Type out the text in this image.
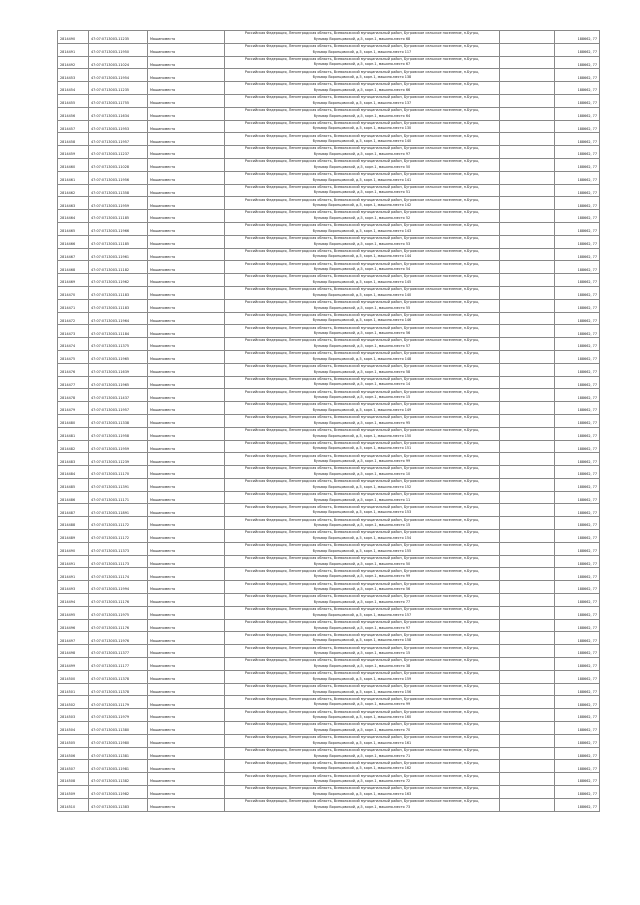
2814490	47:07:0713003-11235	Машиноместо	Российская Федерация, Ленинградская область, Всеволожский муниципальный район, Бугровское сельское поселение, п.Бугры,
бульвар Воронцовский, д.5, корп.1, машино-место 68		188662, 77
2814491	47:07:0713003-11950	Машиноместо	Российская Федерация, Ленинградская область, Всеволожский муниципальный район, Бугровское сельское поселение, п.Бугры,
бульвар Воронцовский, д.5, корп.1, машино-место 117		188662, 77
2814492	47:07:0713003-11024	Машиноместо	Российская Федерация, Ленинградская область, Всеволожский муниципальный район, Бугровское сельское поселение, п.Бугры,
бульвар Воронцовский, д.5, корп.1, машино-место 67		188662, 77
2814453	47:07:0713003-11954	Машиноместо	Российская Федерация, Ленинградская область, Всеволожский муниципальный район, Бугровское сельское поселение, п.Бугры,
бульвар Воронцовский, д.5, корп.1, машино-место 138		188662, 77
2814454	47:07:0713003-11235	Машиноместо	Российская Федерация, Ленинградская область, Всеволожский муниципальный район, Бугровское сельское поселение, п.Бугры,
бульвар Воронцовский, д.5, корп.1, машино-место 66		188662, 77
2814455	47:07:0713003-11755	Машиноместо	Российская Федерация, Ленинградская область, Всеволожский муниципальный район, Бугровское сельское поселение, п.Бугры,
бульвар Воронцовский, д.5, корп.1, машино-место 137		188662, 77
2814456	47:07:0713003-11634	Машиноместо	Российская Федерация, Ленинградская область, Всеволожский муниципальный район, Бугровское сельское поселение, п.Бугры,
бульвар Воронцовский, д.5, корп.1, машино-место 64		188662, 77
2814457	47:07:0713003-11953	Машиноместо	Российская Федерация, Ленинградская область, Всеволожский муниципальный район, Бугровское сельское поселение, п.Бугры,
бульвар Воронцовский, д.5, корп.1, машино-место 130		188662, 77
2814458	47:07:0713003-11957	Машиноместо	Российская Федерация, Ленинградская область, Всеволожский муниципальный район, Бугровское сельское поселение, п.Бугры,
бульвар Воронцовский, д.5, корп.1, машино-место 140		188662, 77
2814459	47:07:0713003-11237	Машиноместо	Российская Федерация, Ленинградская область, Всеволожский муниципальный район, Бугровское сельское поселение, п.Бугры,
бульвар Воронцовский, д.5, корп.1, машино-место 97		188662, 77
2814460	47:07:0713003-11028	Машиноместо	Российская Федерация, Ленинградская область, Всеволожский муниципальный район, Бугровское сельское поселение, п.Бугры,
бульвар Воронцовский, д.5, корп.1, машино-место 50		188662, 77
2814461	47:07:0713003-11956	Машиноместо	Российская Федерация, Ленинградская область, Всеволожский муниципальный район, Бугровское сельское поселение, п.Бугры,
бульвар Воронцовский, д.5, корп.1, машино-место 141		188662, 77
2814462	47:07:0713003-11358	Машиноместо	Российская Федерация, Ленинградская область, Всеволожский муниципальный район, Бугровское сельское поселение, п.Бугры,
бульвар Воронцовский, д.5, корп.1, машино-место 51		188662, 77
2814463	47:07:0713003-11959	Машиноместо	Российская Федерация, Ленинградская область, Всеволожский муниципальный район, Бугровское сельское поселение, п.Бугры,
бульвар Воронцовский, д.5, корп.1, машино-место 142		188662, 77
2814464	47:07:0713003-11185	Машиноместо	Российская Федерация, Ленинградская область, Всеволожский муниципальный район, Бугровское сельское поселение, п.Бугры,
бульвар Воронцовский, д.5, корп.1, машино-место 52		188662, 77
2814465	47:07:0713003-11966	Машиноместо	Российская Федерация, Ленинградская область, Всеволожский муниципальный район, Бугровское сельское поселение, п.Бугры,
бульвар Воронцовский, д.5, корп.1, машино-место 143		188662, 77
2814466	47:07:0713003-11185	Машиноместо	Российская Федерация, Ленинградская область, Всеволожский муниципальный район, Бугровское сельское поселение, п.Бугры,
бульвар Воронцовский, д.5, корп.1, машино-место 53		188662, 77
2814467	47:07:0713003-11961	Машиноместо	Российская Федерация, Ленинградская область, Всеволожский муниципальный район, Бугровское сельское поселение, п.Бугры,
бульвар Воронцовский, д.5, корп.1, машино-место 144		188662, 77
2814468	47:07:0713003-11182	Машиноместо	Российская Федерация, Ленинградская область, Всеволожский муниципальный район, Бугровское сельское поселение, п.Бугры,
бульвар Воронцовский, д.5, корп.1, машино-место 54		188662, 77
2814469	47:07:0713003-11962	Машиноместо	Российская Федерация, Ленинградская область, Всеволожский муниципальный район, Бугровское сельское поселение, п.Бугры,
бульвар Воронцовский, д.5, корп.1, машино-место 145		188662, 77
2814470	47:07:0713003-11183	Машиноместо	Российская Федерация, Ленинградская область, Всеволожский муниципальный район, Бугровское сельское поселение, п.Бугры,
бульвар Воронцовский, д.5, корп.1, машино-место 140		188662, 77
2814471	47:07:0713003-11183	Машиноместо	Российская Федерация, Ленинградская область, Всеволожский муниципальный район, Бугровское сельское поселение, п.Бугры,
бульвар Воронцовский, д.5, корп.1, машино-место 55		188662, 77
2814472	47:07:0713003-11964	Машиноместо	Российская Федерация, Ленинградская область, Всеволожский муниципальный район, Бугровское сельское поселение, п.Бугры,
бульвар Воронцовский, д.5, корп.1, машино-место 146		188662, 77
2814473	47:07:0713003-11184	Машиноместо	Российская Федерация, Ленинградская область, Всеволожский муниципальный район, Бугровское сельское поселение, п.Бугры,
бульвар Воронцовский, д.5, корп.1, машино-место 56		188662, 77
2814474	47:07:0713003-11375	Машиноместо	Российская Федерация, Ленинградская область, Всеволожский муниципальный район, Бугровское сельское поселение, п.Бугры,
бульвар Воронцовский, д.5, корп.1, машино-место 57		188662, 77
2814475	47:07:0713003-11965	Машиноместо	Российская Федерация, Ленинградская область, Всеволожский муниципальный район, Бугровское сельское поселение, п.Бугры,
бульвар Воронцовский, д.5, корп.1, машино-место 148		188662, 77
2814476	47:07:0713003-11639	Машиноместо	Российская Федерация, Ленинградская область, Всеволожский муниципальный район, Бугровское сельское поселение, п.Бугры,
бульвар Воронцовский, д.5, корп.1, машино-место 58		188662, 77
2814477	47:07:0713003-11965	Машиноместо	Российская Федерация, Ленинградская область, Всеволожский муниципальный район, Бугровское сельское поселение, п.Бугры,
бульвар Воронцовский, д.5, корп.1, машино-место 14		188662, 77
2814478	47:07:0713003-11437	Машиноместо	Российская Федерация, Ленинградская область, Всеволожский муниципальный район, Бугровское сельское поселение, п.Бугры,
бульвар Воронцовский, д.5, корп.1, машино-место 15		188662, 77
2814479	47:07:0713003-11957	Машиноместо	Российская Федерация, Ленинградская область, Всеволожский муниципальный район, Бугровское сельское поселение, п.Бугры,
бульвар Воронцовский, д.5, корп.1, машино-место 149		188662, 77
2814480	47:07:0713003-11338	Машиноместо	Российская Федерация, Ленинградская область, Всеволожский муниципальный район, Бугровское сельское поселение, п.Бугры,
бульвар Воронцовский, д.5, корп.1, машино-место 95		188662, 77
2814481	47:07:0713003-11958	Машиноместо	Российская Федерация, Ленинградская область, Всеволожский муниципальный район, Бугровское сельское поселение, п.Бугры,
бульвар Воронцовский, д.5, корп.1, машино-место 150		188662, 77
2814482	47:07:0713003-11959	Машиноместо	Российская Федерация, Ленинградская область, Всеволожский муниципальный район, Бугровское сельское поселение, п.Бугры,
бульвар Воронцовский, д.5, корп.1, машино-место 151		188662, 77
2814483	47:07:0713003-11239	Машиноместо	Российская Федерация, Ленинградская область, Всеволожский муниципальный район, Бугровское сельское поселение, п.Бугры,
бульвар Воронцовский, д.5, корп.1, машино-место 99		188662, 77
2814484	47:07:0713003-11170	Машиноместо	Российская Федерация, Ленинградская область, Всеволожский муниципальный район, Бугровское сельское поселение, п.Бугры,
бульвар Воронцовский, д.5, корп.1, машино-место 10		188662, 77
2814485	47:07:0713003-11391	Машиноместо	Российская Федерация, Ленинградская область, Всеволожский муниципальный район, Бугровское сельское поселение, п.Бугры,
бульвар Воронцовский, д.5, корп.1, машино-место 152		188662, 77
2814486	47:07:0713003-11171	Машиноместо	Российская Федерация, Ленинградская область, Всеволожский муниципальный район, Бугровское сельское поселение, п.Бугры,
бульвар Воронцовский, д.5, корп.1, машино-место 11		188662, 77
2814487	47:07:0713003-11891	Машиноместо	Российская Федерация, Ленинградская область, Всеволожский муниципальный район, Бугровское сельское поселение, п.Бугры,
бульвар Воронцовский, д.5, корп.1, машино-место 153		188662, 77
2814488	47:07:0713003-11172	Машиноместо	Российская Федерация, Ленинградская область, Всеволожский муниципальный район, Бугровское сельское поселение, п.Бугры,
бульвар Воронцовский, д.5, корп.1, машино-место 15		188662, 77
2814489	47:07:0713003-11172	Машиноместо	Российская Федерация, Ленинградская область, Всеволожский муниципальный район, Бугровское сельское поселение, п.Бугры,
бульвар Воронцовский, д.5, корп.1, машино-место 154		188662, 77
2814490	47:07:0713003-11373	Машиноместо	Российская Федерация, Ленинградская область, Всеволожский муниципальный район, Бугровское сельское поселение, п.Бугры,
бульвар Воронцовский, д.5, корп.1, машино-место 155		188662, 77
2814491	47:07:0713003-11173	Машиноместо	Российская Федерация, Ленинградская область, Всеволожский муниципальный район, Бугровское сельское поселение, п.Бугры,
бульвар Воронцовский, д.5, корп.1, машино-место 50		188662, 77
2814491	47:07:0713003-11174	Машиноместо	Российская Федерация, Ленинградская область, Всеволожский муниципальный район, Бугровское сельское поселение, п.Бугры,
бульвар Воронцовский, д.5, корп.1, машино-место 99		188662, 77
2814493	47:07:0713003-11994	Машиноместо	Российская Федерация, Ленинградская область, Всеволожский муниципальный район, Бугровское сельское поселение, п.Бугры,
бульвар Воронцовский, д.5, корп.1, машино-место 56		188662, 77
2814494	47:07:0713003-11176	Машиноместо	Российская Федерация, Ленинградская область, Всеволожский муниципальный район, Бугровское сельское поселение, п.Бугры,
бульвар Воронцовский, д.5, корп.1, машино-место 77		188662, 77
2814495	47:07:0713003-11975	Машиноместо	Российская Федерация, Ленинградская область, Всеволожский муниципальный район, Бугровское сельское поселение, п.Бугры,
бульвар Воронцовский, д.5, корп.1, машино-место 157		188662, 77
2814496	47:07:0713003-11176	Машиноместо	Российская Федерация, Ленинградская область, Всеволожский муниципальный район, Бугровское сельское поселение, п.Бугры,
бульвар Воронцовский, д.5, корп.1, машино-место 97		188662, 77
2814497	47:07:0713003-11976	Машиноместо	Российская Федерация, Ленинградская область, Всеволожский муниципальный район, Бугровское сельское поселение, п.Бугры,
бульвар Воронцовский, д.5, корп.1, машино-место 158		188662, 77
2814498	47:07:0713003-11377	Машиноместо	Российская Федерация, Ленинградская область, Всеволожский муниципальный район, Бугровское сельское поселение, п.Бугры,
бульвар Воронцовский, д.5, корп.1, машино-место 15		188662, 77
2814499	47:07:0713003-11177	Машиноместо	Российская Федерация, Ленинградская область, Всеволожский муниципальный район, Бугровское сельское поселение, п.Бугры,
бульвар Воронцовский, д.5, корп.1, машино-место 38		188662, 77
2814500	47:07:0713003-11378	Машиноместо	Российская Федерация, Ленинградская область, Всеволожский муниципальный район, Бугровское сельское поселение, п.Бугры,
бульвар Воронцовский, д.5, корп.1, машино-место 159		188662, 77
2814501	47:07:0713003-11378	Машиноместо	Российская Федерация, Ленинградская область, Всеволожский муниципальный район, Бугровское сельское поселение, п.Бугры,
бульвар Воронцовский, д.5, корп.1, машино-место 156		188662, 77
2814502	47:07:0713003-11179	Машиноместо	Российская Федерация, Ленинградская область, Всеволожский муниципальный район, Бугровское сельское поселение, п.Бугры,
бульвар Воронцовский, д.5, корп.1, машино-место 99		188662, 77
2814503	47:07:0713003-11979	Машиноместо	Российская Федерация, Ленинградская область, Всеволожский муниципальный район, Бугровское сельское поселение, п.Бугры,
бульвар Воронцовский, д.5, корп.1, машино-место 160		188662, 77
2814504	47:07:0713003-11380	Машиноместо	Российская Федерация, Ленинградская область, Всеволожский муниципальный район, Бугровское сельское поселение, п.Бугры,
бульвар Воронцовский, д.5, корп.1, машино-место 70		188662, 77
2814505	47:07:0713003-11980	Машиноместо	Российская Федерация, Ленинградская область, Всеволожский муниципальный район, Бугровское сельское поселение, п.Бугры,
бульвар Воронцовский, д.5, корп.1, машино-место 161		188662, 77
2814506	47:07:0713003-11381	Машиноместо	Российская Федерация, Ленинградская область, Всеволожский муниципальный район, Бугровское сельское поселение, п.Бугры,
бульвар Воронцовский, д.5, корп.1, машино-место 71		188662, 77
2814507	47:07:0713003-11981	Машиноместо	Российская Федерация, Ленинградская область, Всеволожский муниципальный район, Бугровское сельское поселение, п.Бугры,
бульвар Воронцовский, д.5, корп.1, машино-место 162		188662, 77
2814508	47:07:0713003-11382	Машиноместо	Российская Федерация, Ленинградская область, Всеволожский муниципальный район, Бугровское сельское поселение, п.Бугры,
бульвар Воронцовский, д.5, корп.1, машино-место 72		188662, 77
2814509	47:07:0713003-11982	Машиноместо	Российская Федерация, Ленинградская область, Всеволожский муниципальный район, Бугровское сельское поселение, п.Бугры,
бульвар Воронцовский, д.5, корп.1, машино-место 163		188662, 77
2814510	47:07:0713003-11383	Машиноместо	Российская Федерация, Ленинградская область, Всеволожский муниципальный район, Бугровское сельское поселение, п.Бугры,
бульвар Воронцовский, д.5, корп.1, машино-место 73		188662, 77
